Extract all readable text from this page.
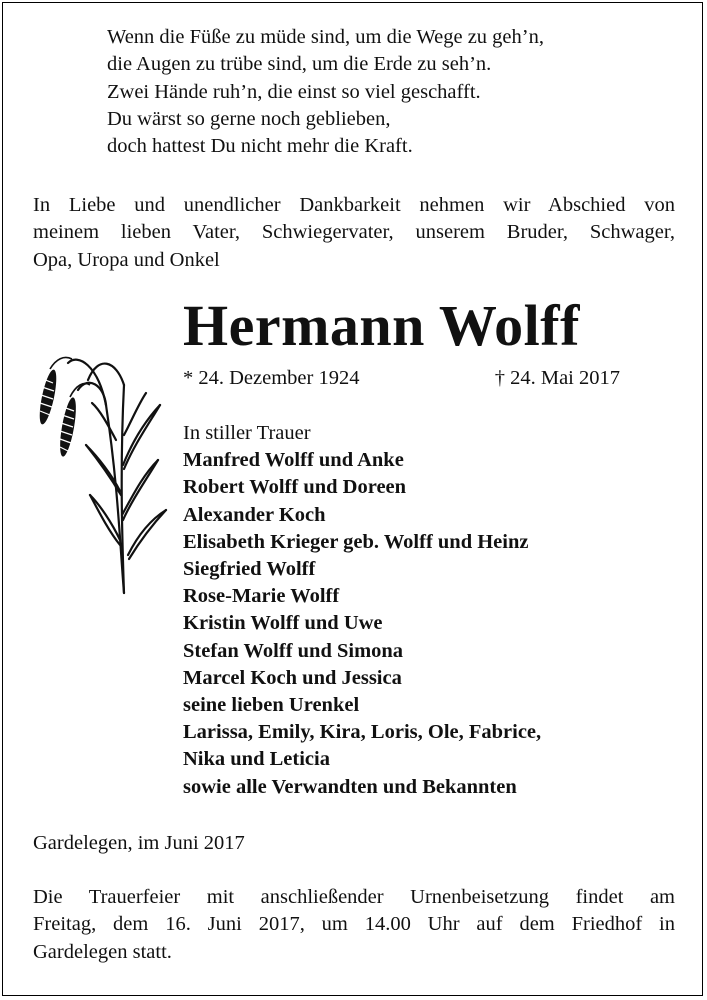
Wenn die Füße zu müde sind, um die Wege zu geh’n,
die Augen zu trübe sind, um die Erde zu seh’n.
Zwei Hände ruh’n, die einst so viel geschafft.
Du wärst so gerne noch geblieben,
doch hattest Du nicht mehr die Kraft.
In Liebe und unendlicher Dankbarkeit nehmen wir Abschied von
meinem lieben Vater, Schwiegervater, unserem Bruder, Schwager,
Opa, Uropa und Onkel
Hermann Wolff
* 24. Dezember 1924	† 24. Mai 2017
In stiller Trauer
Manfred Wolff und Anke
Robert Wolff und Doreen
Alexander Koch
Elisabeth Krieger geb. Wolff und Heinz
Siegfried Wolff
Rose-Marie Wolff
Kristin Wolff und Uwe
Stefan Wolff und Simona
Marcel Koch und Jessica
seine lieben Urenkel
Larissa, Emily, Kira, Loris, Ole, Fabrice,
Nika und Leticia
sowie alle Verwandten und Bekannten
Gardelegen, im Juni 2017
Die Trauerfeier mit anschließender Urnenbeisetzung findet am
Freitag, dem 16. Juni 2017, um 14.00 Uhr auf dem Friedhof in
Gardelegen statt.
